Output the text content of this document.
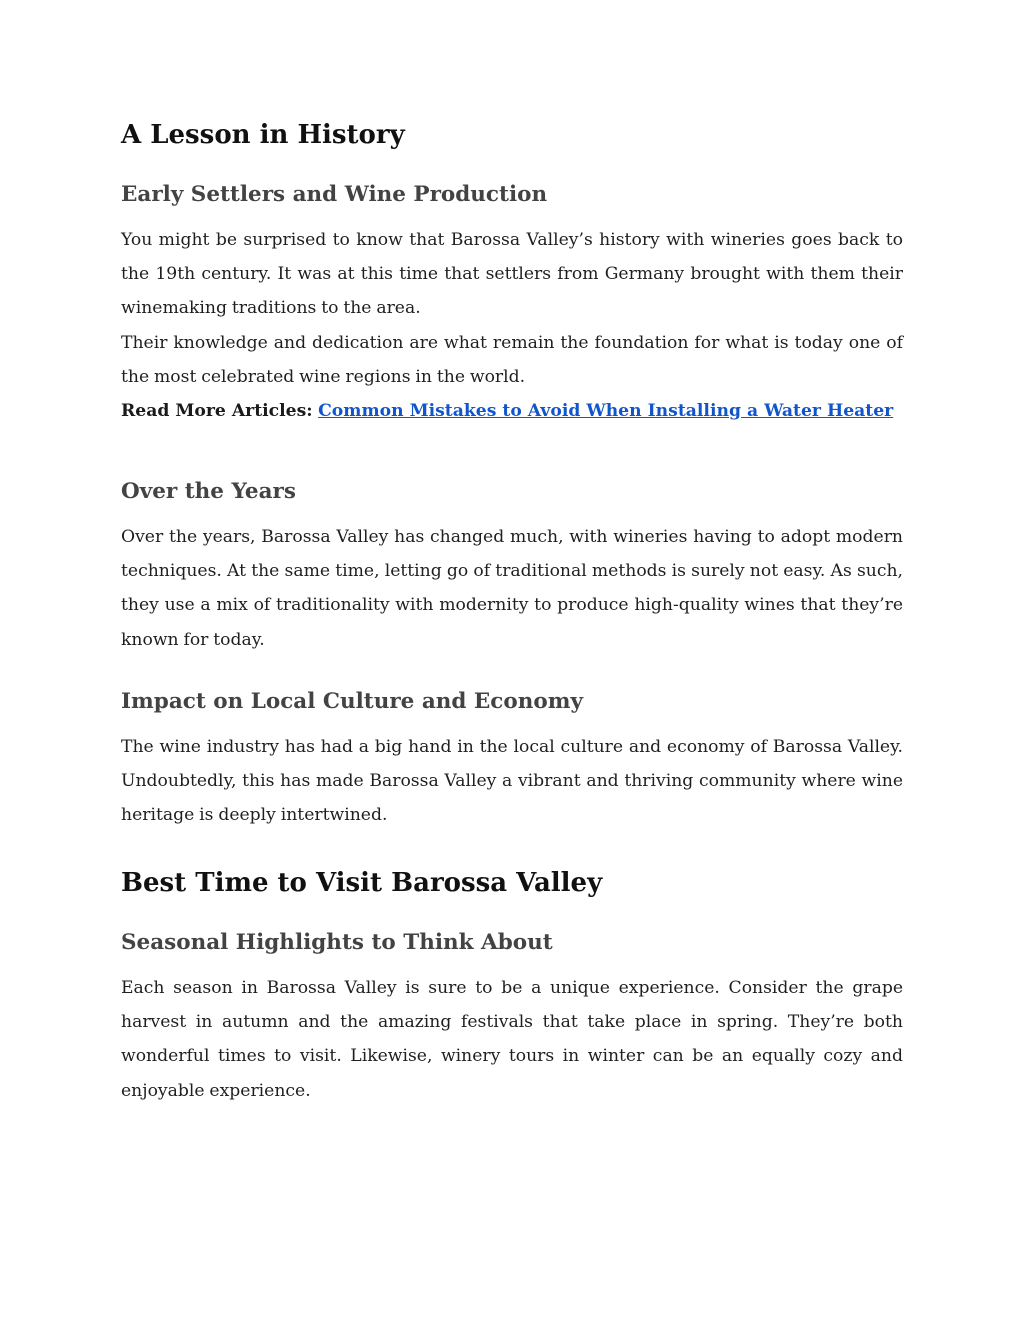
A Lesson in History
Early Settlers and Wine Production

You might be surprised to know that Barossa Valley’s history with wineries goes back to the 19th century. It was at this time that settlers from Germany brought with them their winemaking traditions to the area.

Their knowledge and dedication are what remain the foundation for what is today one of the most celebrated wine regions in the world.

Read More Articles: Common Mistakes to Avoid When Installing a Water Heater

Over the Years

Over the years, Barossa Valley has changed much, with wineries having to adopt modern techniques. At the same time, letting go of traditional methods is surely not easy. As such, they use a mix of traditionality with modernity to produce high-quality wines that they’re known for today.

Impact on Local Culture and Economy

The wine industry has had a big hand in the local culture and economy of Barossa Valley. Undoubtedly, this has made Barossa Valley a vibrant and thriving community where wine heritage is deeply intertwined.

Best Time to Visit Barossa Valley
Seasonal Highlights to Think About

Each season in Barossa Valley is sure to be a unique experience. Consider the grape harvest in autumn and the amazing festivals that take place in spring. They’re both wonderful times to visit. Likewise, winery tours in winter can be an equally cozy and enjoyable experience.
